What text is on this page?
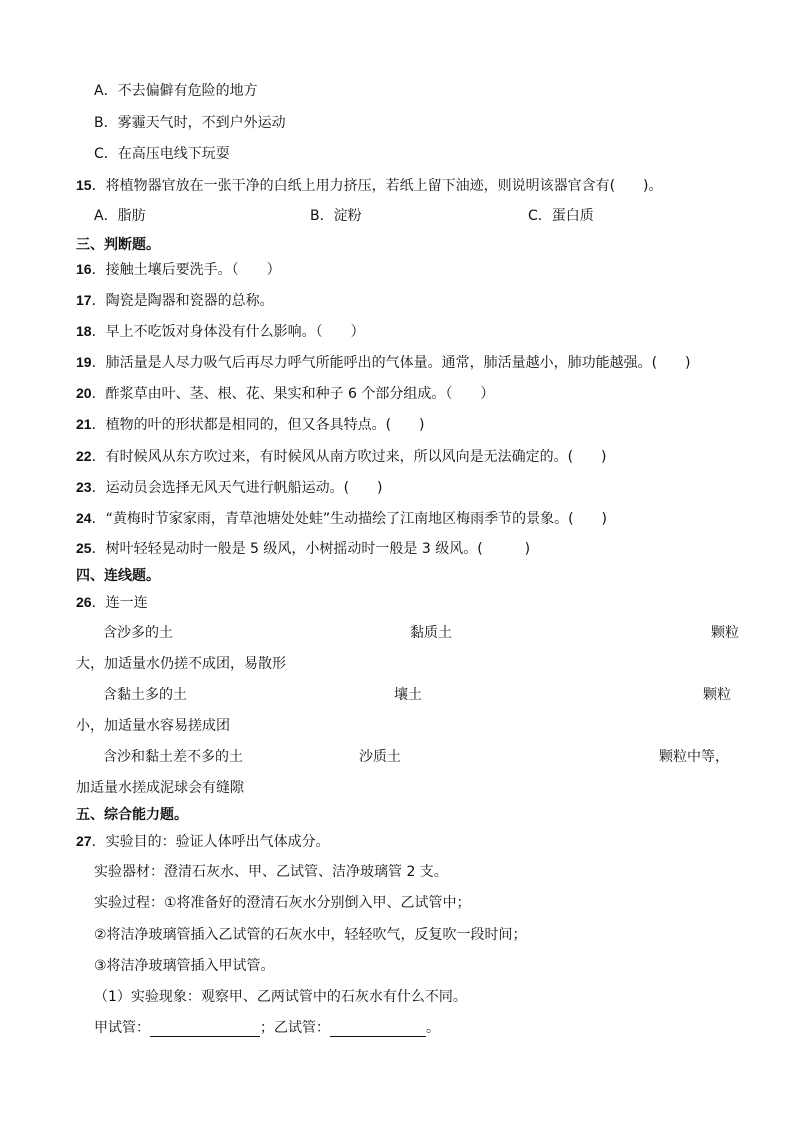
A．不去偏僻有危险的地方
B．雾霾天气时，不到户外运动
C．在高压电线下玩耍
15．将植物器官放在一张干净的白纸上用力挤压，若纸上留下油迹，则说明该器官含有(　　)。
A．脂肪	B．淀粉	C．蛋白质
三、判断题。
16．接触土壤后要洗手。（　　）
17．陶瓷是陶器和瓷器的总称。
18．早上不吃饭对身体没有什么影响。（　　）
19．肺活量是人尽力吸气后再尽力呼气所能呼出的气体量。通常，肺活量越小，肺功能越强。(　　)
20．酢浆草由叶、茎、根、花、果实和种子 6 个部分组成。（　　）
21．植物的叶的形状都是相同的，但又各具特点。(　　)
22．有时候风从东方吹过来，有时候风从南方吹过来，所以风向是无法确定的。(　　)
23．运动员会选择无风天气进行帆船运动。(　　)
24．“黄梅时节家家雨，青草池塘处处蛙”生动描绘了江南地区梅雨季节的景象。(　　)
25．树叶轻轻晃动时一般是 5 级风，小树摇动时一般是 3 级风。(　　　)
四、连线题。
26．连一连
含沙多的土	黏质土	颗粒
大，加适量水仍搓不成团，易散形
含黏土多的土	壤土	颗粒
小，加适量水容易搓成团
含沙和黏土差不多的土	沙质土	颗粒中等，
加适量水搓成泥球会有缝隙
五、综合能力题。
27．实验目的：验证人体呼出气体成分。
实验器材：澄清石灰水、甲、乙试管、洁净玻璃管 2 支。
实验过程：①将准备好的澄清石灰水分别倒入甲、乙试管中；
②将洁净玻璃管插入乙试管的石灰水中，轻轻吹气，反复吹一段时间；
③将洁净玻璃管插入甲试管。
（1）实验现象：观察甲、乙两试管中的石灰水有什么不同。
甲试管：	；乙试管：	。
